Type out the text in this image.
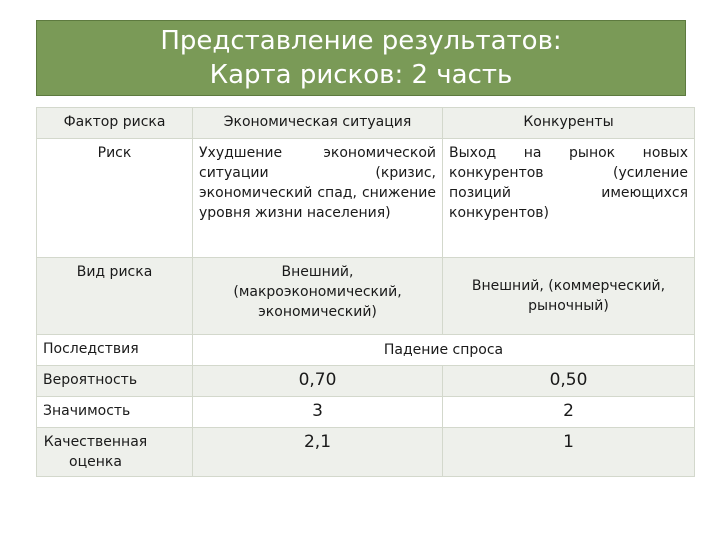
Представление результатов:
Карта рисков: 2 часть
Фактор риска	Экономическая ситуация	Конкуренты
Риск	Ухудшение экономической ситуации (кризис, экономический спад, снижение уровня жизни населения)	Выход на рынок новых конкурентов (усиление позиций имеющихся конкурентов)
Вид риска	Внешний, (макроэкономический, экономический)	Внешний, (коммерческий, рыночный)
Последствия	Падение спроса	
Вероятность	0,70	0,50
Значимость	3	2
Качественная оценка	2,1	1
